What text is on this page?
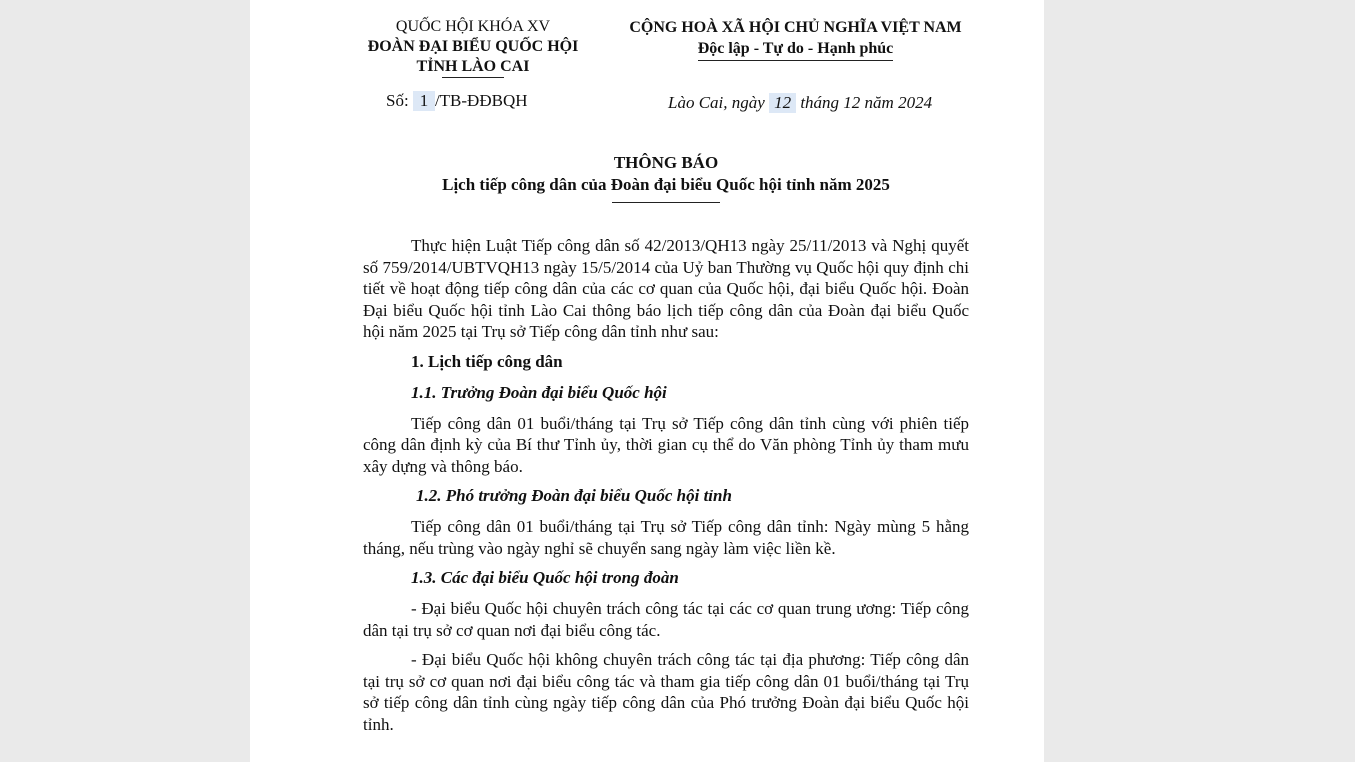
QUỐC HỘI KHÓA XV
ĐOÀN ĐẠI BIỂU QUỐC HỘI
TỈNH LÀO CAI
CỘNG HOÀ XÃ HỘI CHỦ NGHĨA VIỆT NAM
Độc lập - Tự do - Hạnh phúc
Số: 1 /TB-ĐĐBQH	Lào Cai, ngày 12 tháng 12 năm 2024
THÔNG BÁO
Lịch tiếp công dân của Đoàn đại biểu Quốc hội tỉnh năm 2025

Thực hiện Luật Tiếp công dân số 42/2013/QH13 ngày 25/11/2013 và Nghị quyết số 759/2014/UBTVQH13 ngày 15/5/2014 của Uỷ ban Thường vụ Quốc hội quy định chi tiết về hoạt động tiếp công dân của các cơ quan của Quốc hội, đại biểu Quốc hội. Đoàn Đại biểu Quốc hội tỉnh Lào Cai thông báo lịch tiếp công dân của Đoàn đại biểu Quốc hội năm 2025 tại Trụ sở Tiếp công dân tỉnh như sau:

1. Lịch tiếp công dân
1.1. Trưởng Đoàn đại biểu Quốc hội

Tiếp công dân 01 buổi/tháng tại Trụ sở Tiếp công dân tỉnh cùng với phiên tiếp công dân định kỳ của Bí thư Tỉnh ủy, thời gian cụ thể do Văn phòng Tỉnh ủy tham mưu xây dựng và thông báo.

1.2. Phó trưởng Đoàn đại biểu Quốc hội tỉnh

Tiếp công dân 01 buổi/tháng tại Trụ sở Tiếp công dân tỉnh: Ngày mùng 5 hằng tháng, nếu trùng vào ngày nghỉ sẽ chuyển sang ngày làm việc liền kề.

1.3. Các đại biểu Quốc hội trong đoàn

- Đại biểu Quốc hội chuyên trách công tác tại các cơ quan trung ương: Tiếp công dân tại trụ sở cơ quan nơi đại biểu công tác.

- Đại biểu Quốc hội không chuyên trách công tác tại địa phương: Tiếp công dân tại trụ sở cơ quan nơi đại biểu công tác và tham gia tiếp công dân 01 buổi/tháng tại Trụ sở tiếp công dân tỉnh cùng ngày tiếp công dân của Phó trưởng Đoàn đại biểu Quốc hội tỉnh.
